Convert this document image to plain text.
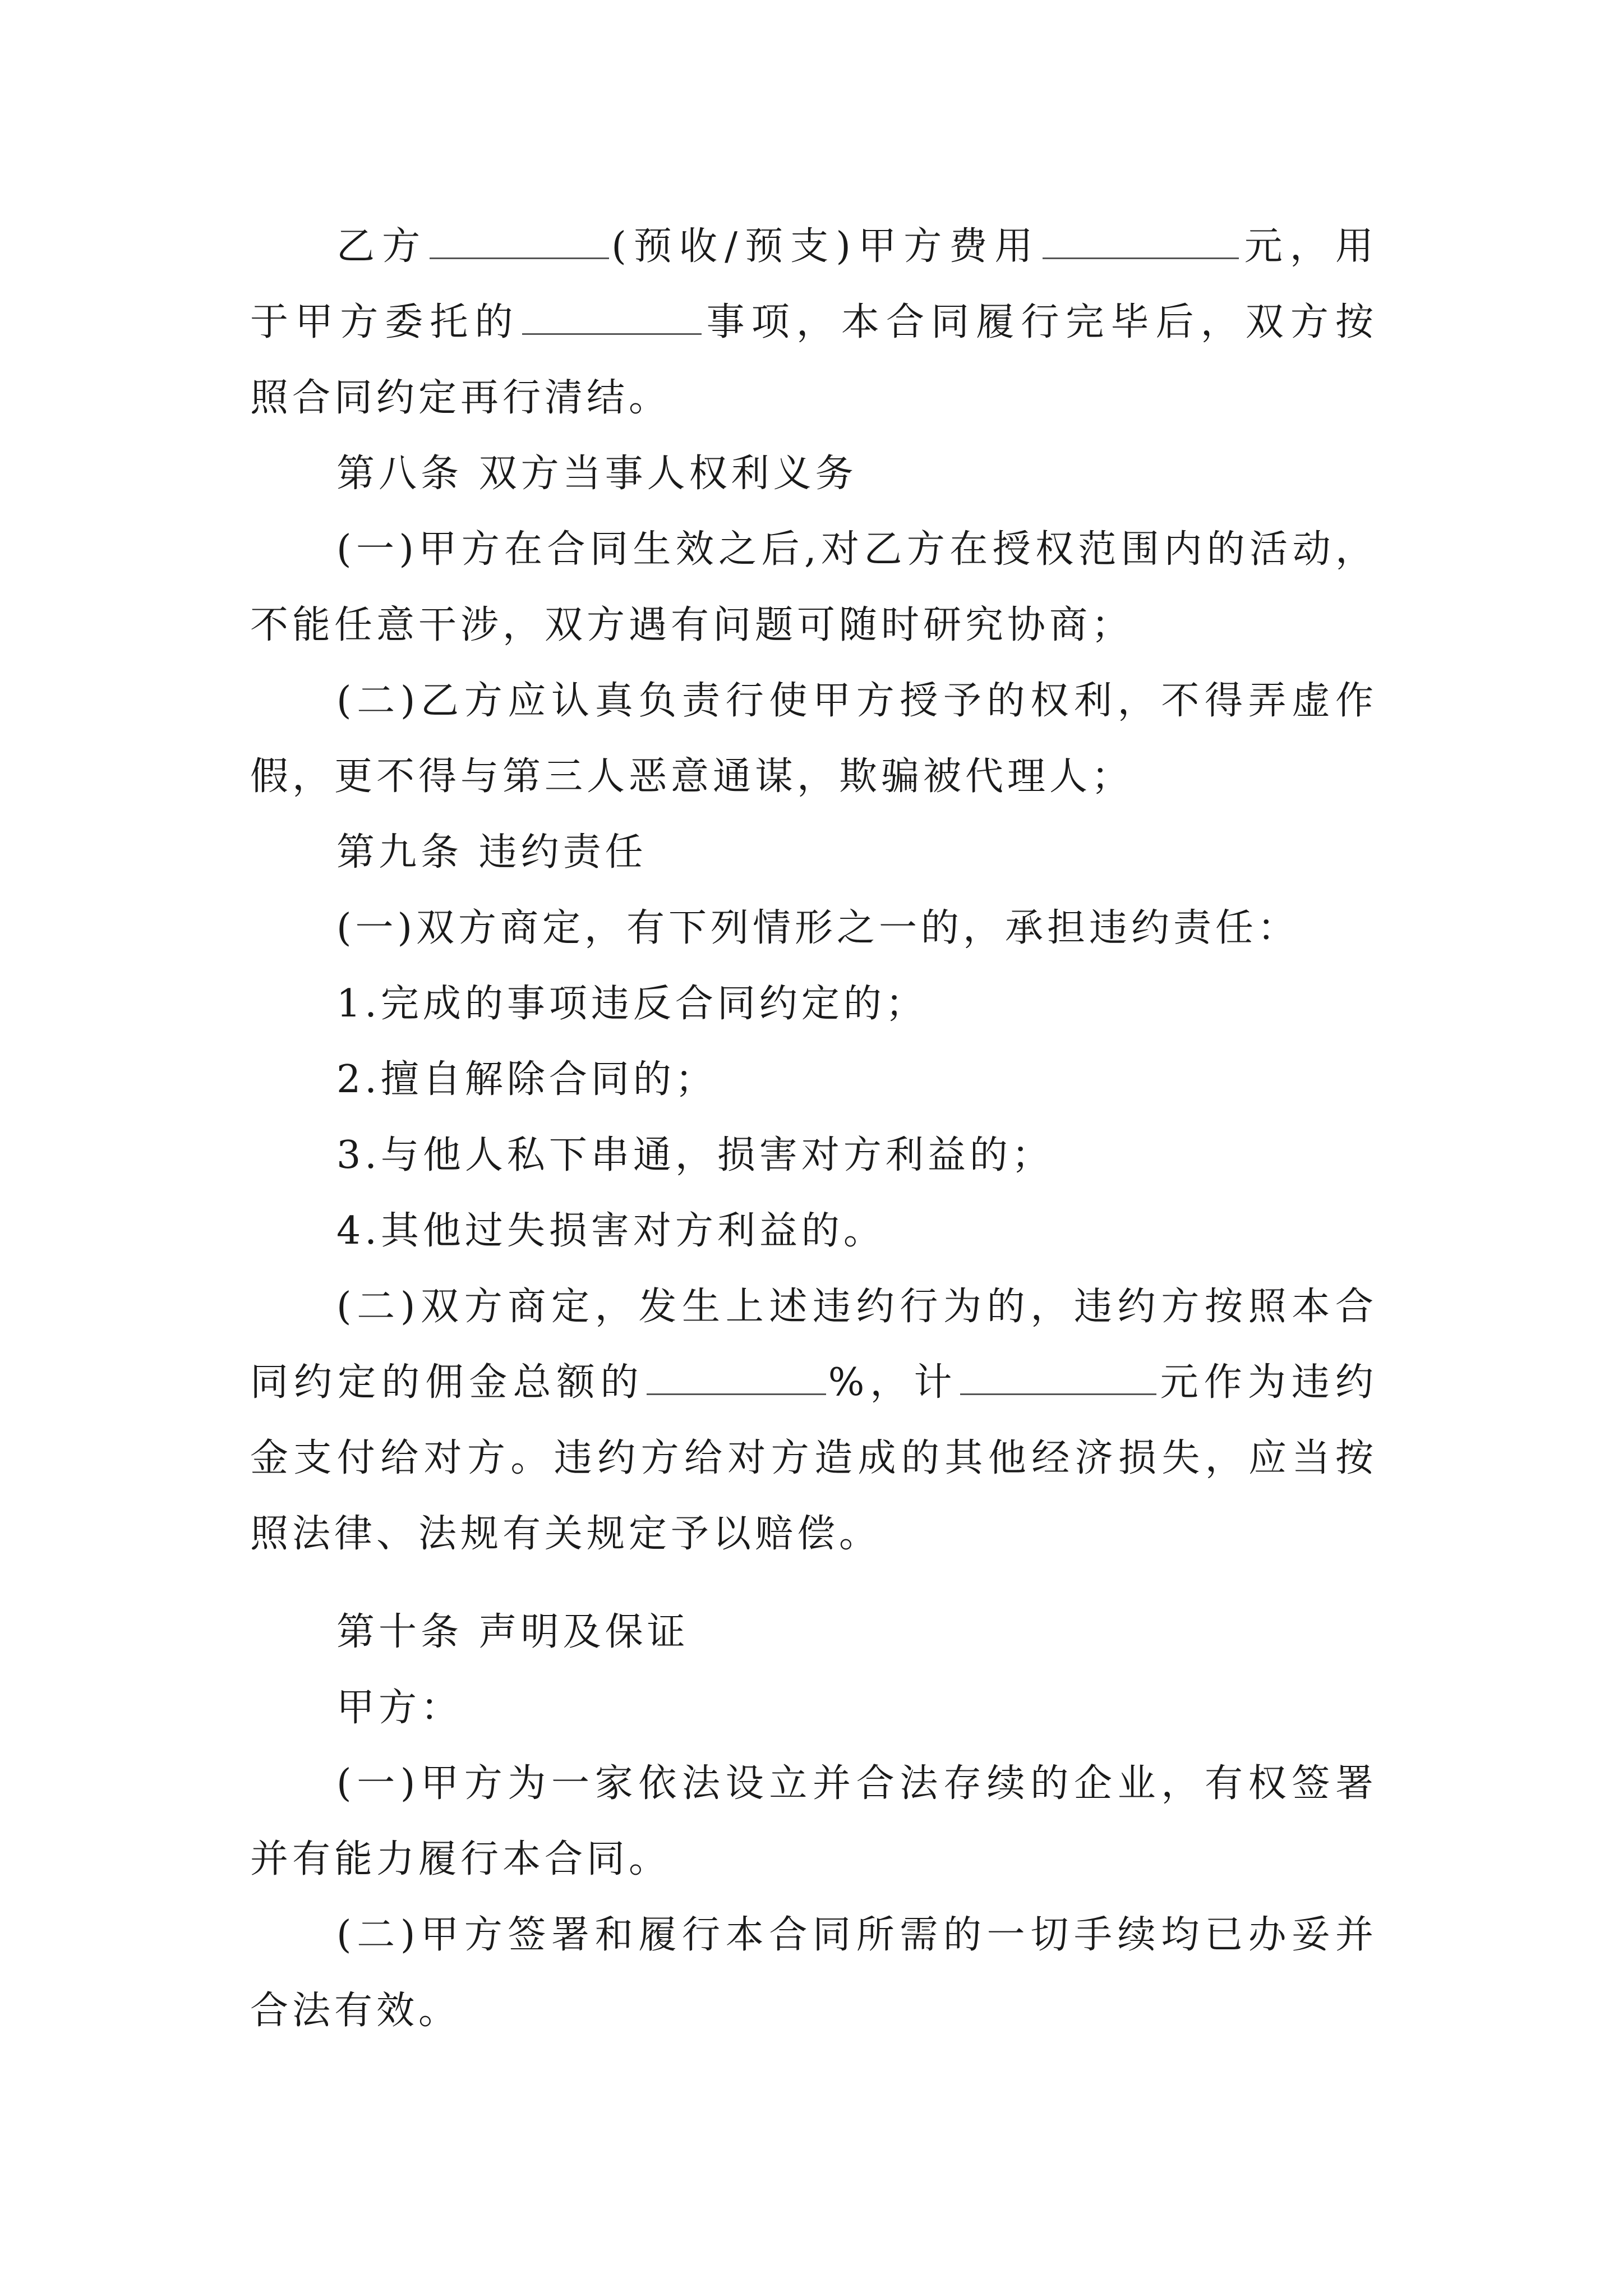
乙方	(预收/预支)甲方费用	元，用
于甲方委托的	事项，本合同履行完毕后，双方按
照合同约定再行清结。
第八条 双方当事人权利义务
(一)甲方在合同生效之后,对乙方在授权范围内的活动，
不能任意干涉，双方遇有问题可随时研究协商；
(二)乙方应认真负责行使甲方授予的权利，不得弄虚作
假，更不得与第三人恶意通谋，欺骗被代理人；
第九条 违约责任
(一)双方商定，有下列情形之一的，承担违约责任：
1.完成的事项违反合同约定的；
2.擅自解除合同的；
3.与他人私下串通，损害对方利益的；
4.其他过失损害对方利益的。
(二)双方商定，发生上述违约行为的，违约方按照本合
同约定的佣金总额的	%，计	元作为违约
金支付给对方。违约方给对方造成的其他经济损失，应当按
照法律、法规有关规定予以赔偿。
第十条 声明及保证
甲方：
(一)甲方为一家依法设立并合法存续的企业，有权签署
并有能力履行本合同。
(二)甲方签署和履行本合同所需的一切手续均已办妥并
合法有效。
